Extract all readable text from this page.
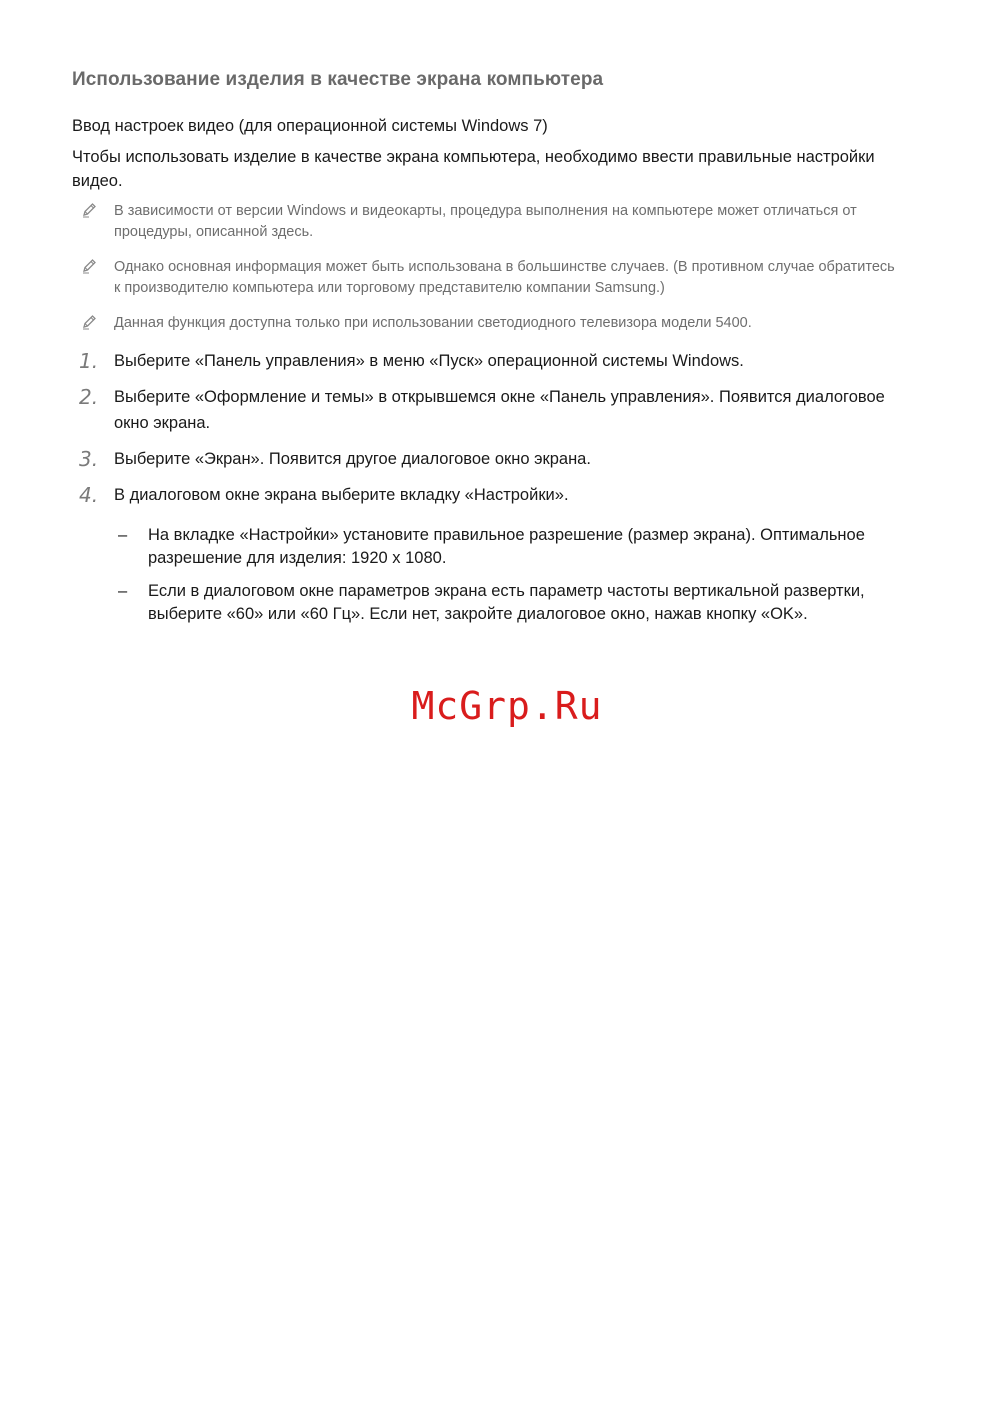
Использование изделия в качестве экрана компьютера
Ввод настроек видео (для операционной системы Windows 7)
Чтобы использовать изделие в качестве экрана компьютера, необходимо ввести правильные настройки видео.
В зависимости от версии Windows и видеокарты, процедура выполнения на компьютере может отличаться от процедуры, описанной здесь.
Однако основная информация может быть использована в большинстве случаев. (В противном случае обратитесь к производителю компьютера или торговому представителю компании Samsung.)
Данная функция доступна только при использовании светодиодного телевизора модели 5400.
1. Выберите «Панель управления» в меню «Пуск» операционной системы Windows.
2. Выберите «Оформление и темы» в открывшемся окне «Панель управления». Появится диалоговое окно экрана.
3. Выберите «Экран». Появится другое диалоговое окно экрана.
4. В диалоговом окне экрана выберите вкладку «Настройки».
– На вкладке «Настройки» установите правильное разрешение (размер экрана). Оптимальное разрешение для изделия: 1920 x 1080.
– Если в диалоговом окне параметров экрана есть параметр частоты вертикальной развертки, выберите «60» или «60 Гц». Если нет, закройте диалоговое окно, нажав кнопку «OK».
McGrp.Ru
